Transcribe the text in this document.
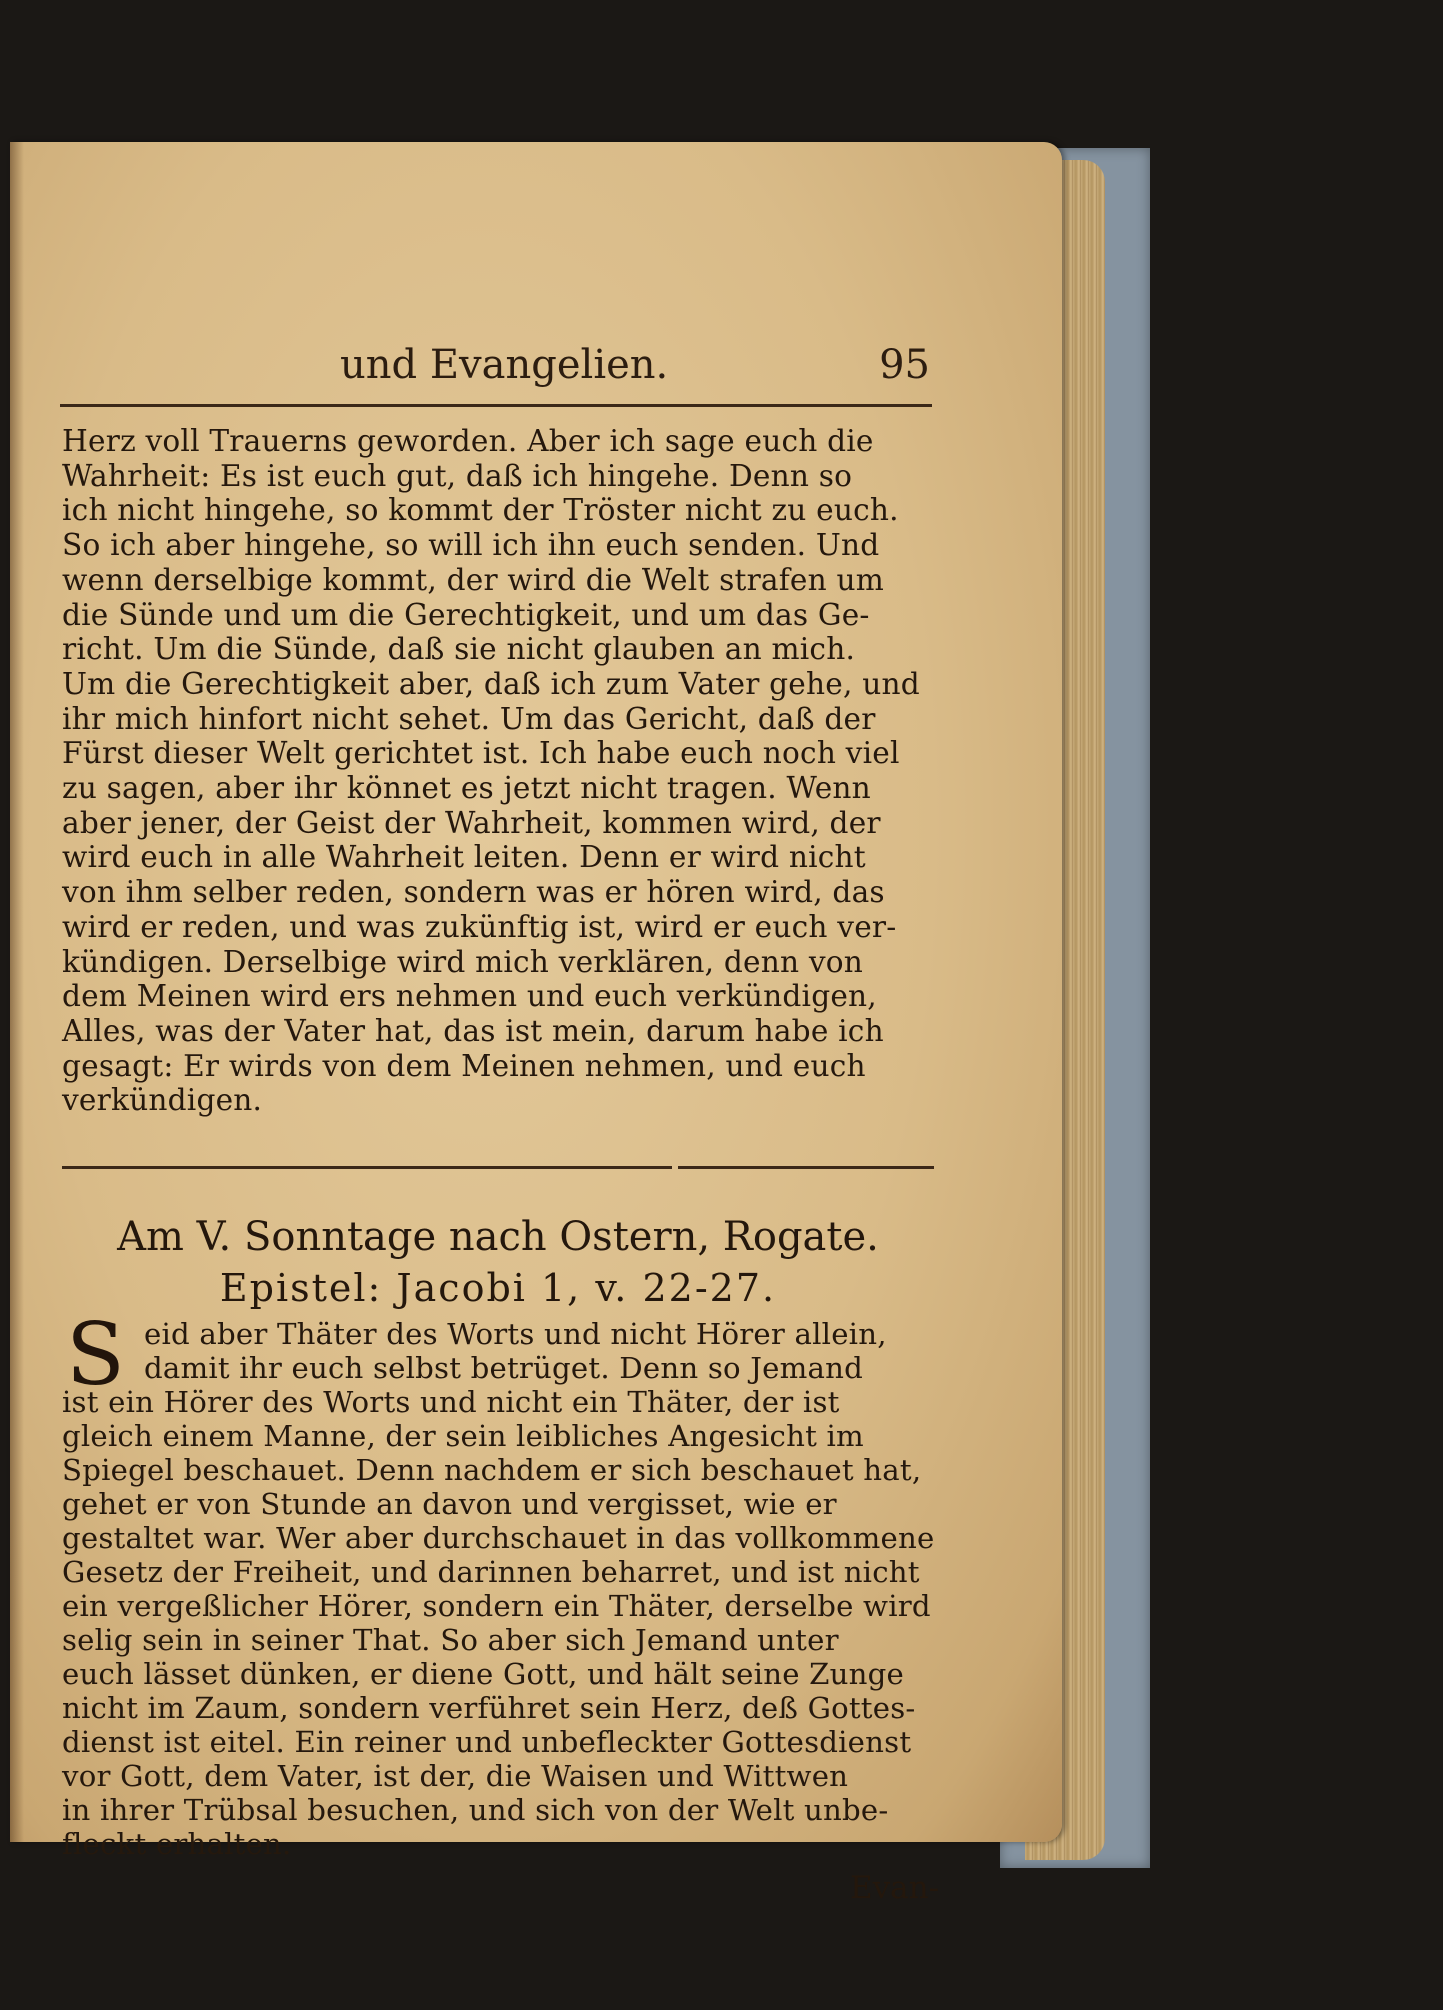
und Evangelien.	95
Herz voll Trauerns geworden. Aber ich sage euch die
Wahrheit: Es ist euch gut, daß ich hingehe. Denn so
ich nicht hingehe, so kommt der Tröster nicht zu euch.
So ich aber hingehe, so will ich ihn euch senden. Und
wenn derselbige kommt, der wird die Welt strafen um
die Sünde und um die Gerechtigkeit, und um das Ge-
richt. Um die Sünde, daß sie nicht glauben an mich.
Um die Gerechtigkeit aber, daß ich zum Vater gehe, und
ihr mich hinfort nicht sehet. Um das Gericht, daß der
Fürst dieser Welt gerichtet ist. Ich habe euch noch viel
zu sagen, aber ihr könnet es jetzt nicht tragen. Wenn
aber jener, der Geist der Wahrheit, kommen wird, der
wird euch in alle Wahrheit leiten. Denn er wird nicht
von ihm selber reden, sondern was er hören wird, das
wird er reden, und was zukünftig ist, wird er euch ver-
kündigen. Derselbige wird mich verklären, denn von
dem Meinen wird ers nehmen und euch verkündigen,
Alles, was der Vater hat, das ist mein, darum habe ich
gesagt: Er wirds von dem Meinen nehmen, und euch
verkündigen.
Am V. Sonntage nach Ostern, Rogate.
Epistel: Jacobi 1, v. 22-27.
S eid aber Thäter des Worts und nicht Hörer allein,
damit ihr euch selbst betrüget. Denn so Jemand
ist ein Hörer des Worts und nicht ein Thäter, der ist
gleich einem Manne, der sein leibliches Angesicht im
Spiegel beschauet. Denn nachdem er sich beschauet hat,
gehet er von Stunde an davon und vergisset, wie er
gestaltet war. Wer aber durchschauet in das vollkommene
Gesetz der Freiheit, und darinnen beharret, und ist nicht
ein vergeßlicher Hörer, sondern ein Thäter, derselbe wird
selig sein in seiner That. So aber sich Jemand unter
euch lässet dünken, er diene Gott, und hält seine Zunge
nicht im Zaum, sondern verführet sein Herz, deß Gottes-
dienst ist eitel. Ein reiner und unbefleckter Gottesdienst
vor Gott, dem Vater, ist der, die Waisen und Wittwen
in ihrer Trübsal besuchen, und sich von der Welt unbe-
fleckt erhalten.
Evan-
